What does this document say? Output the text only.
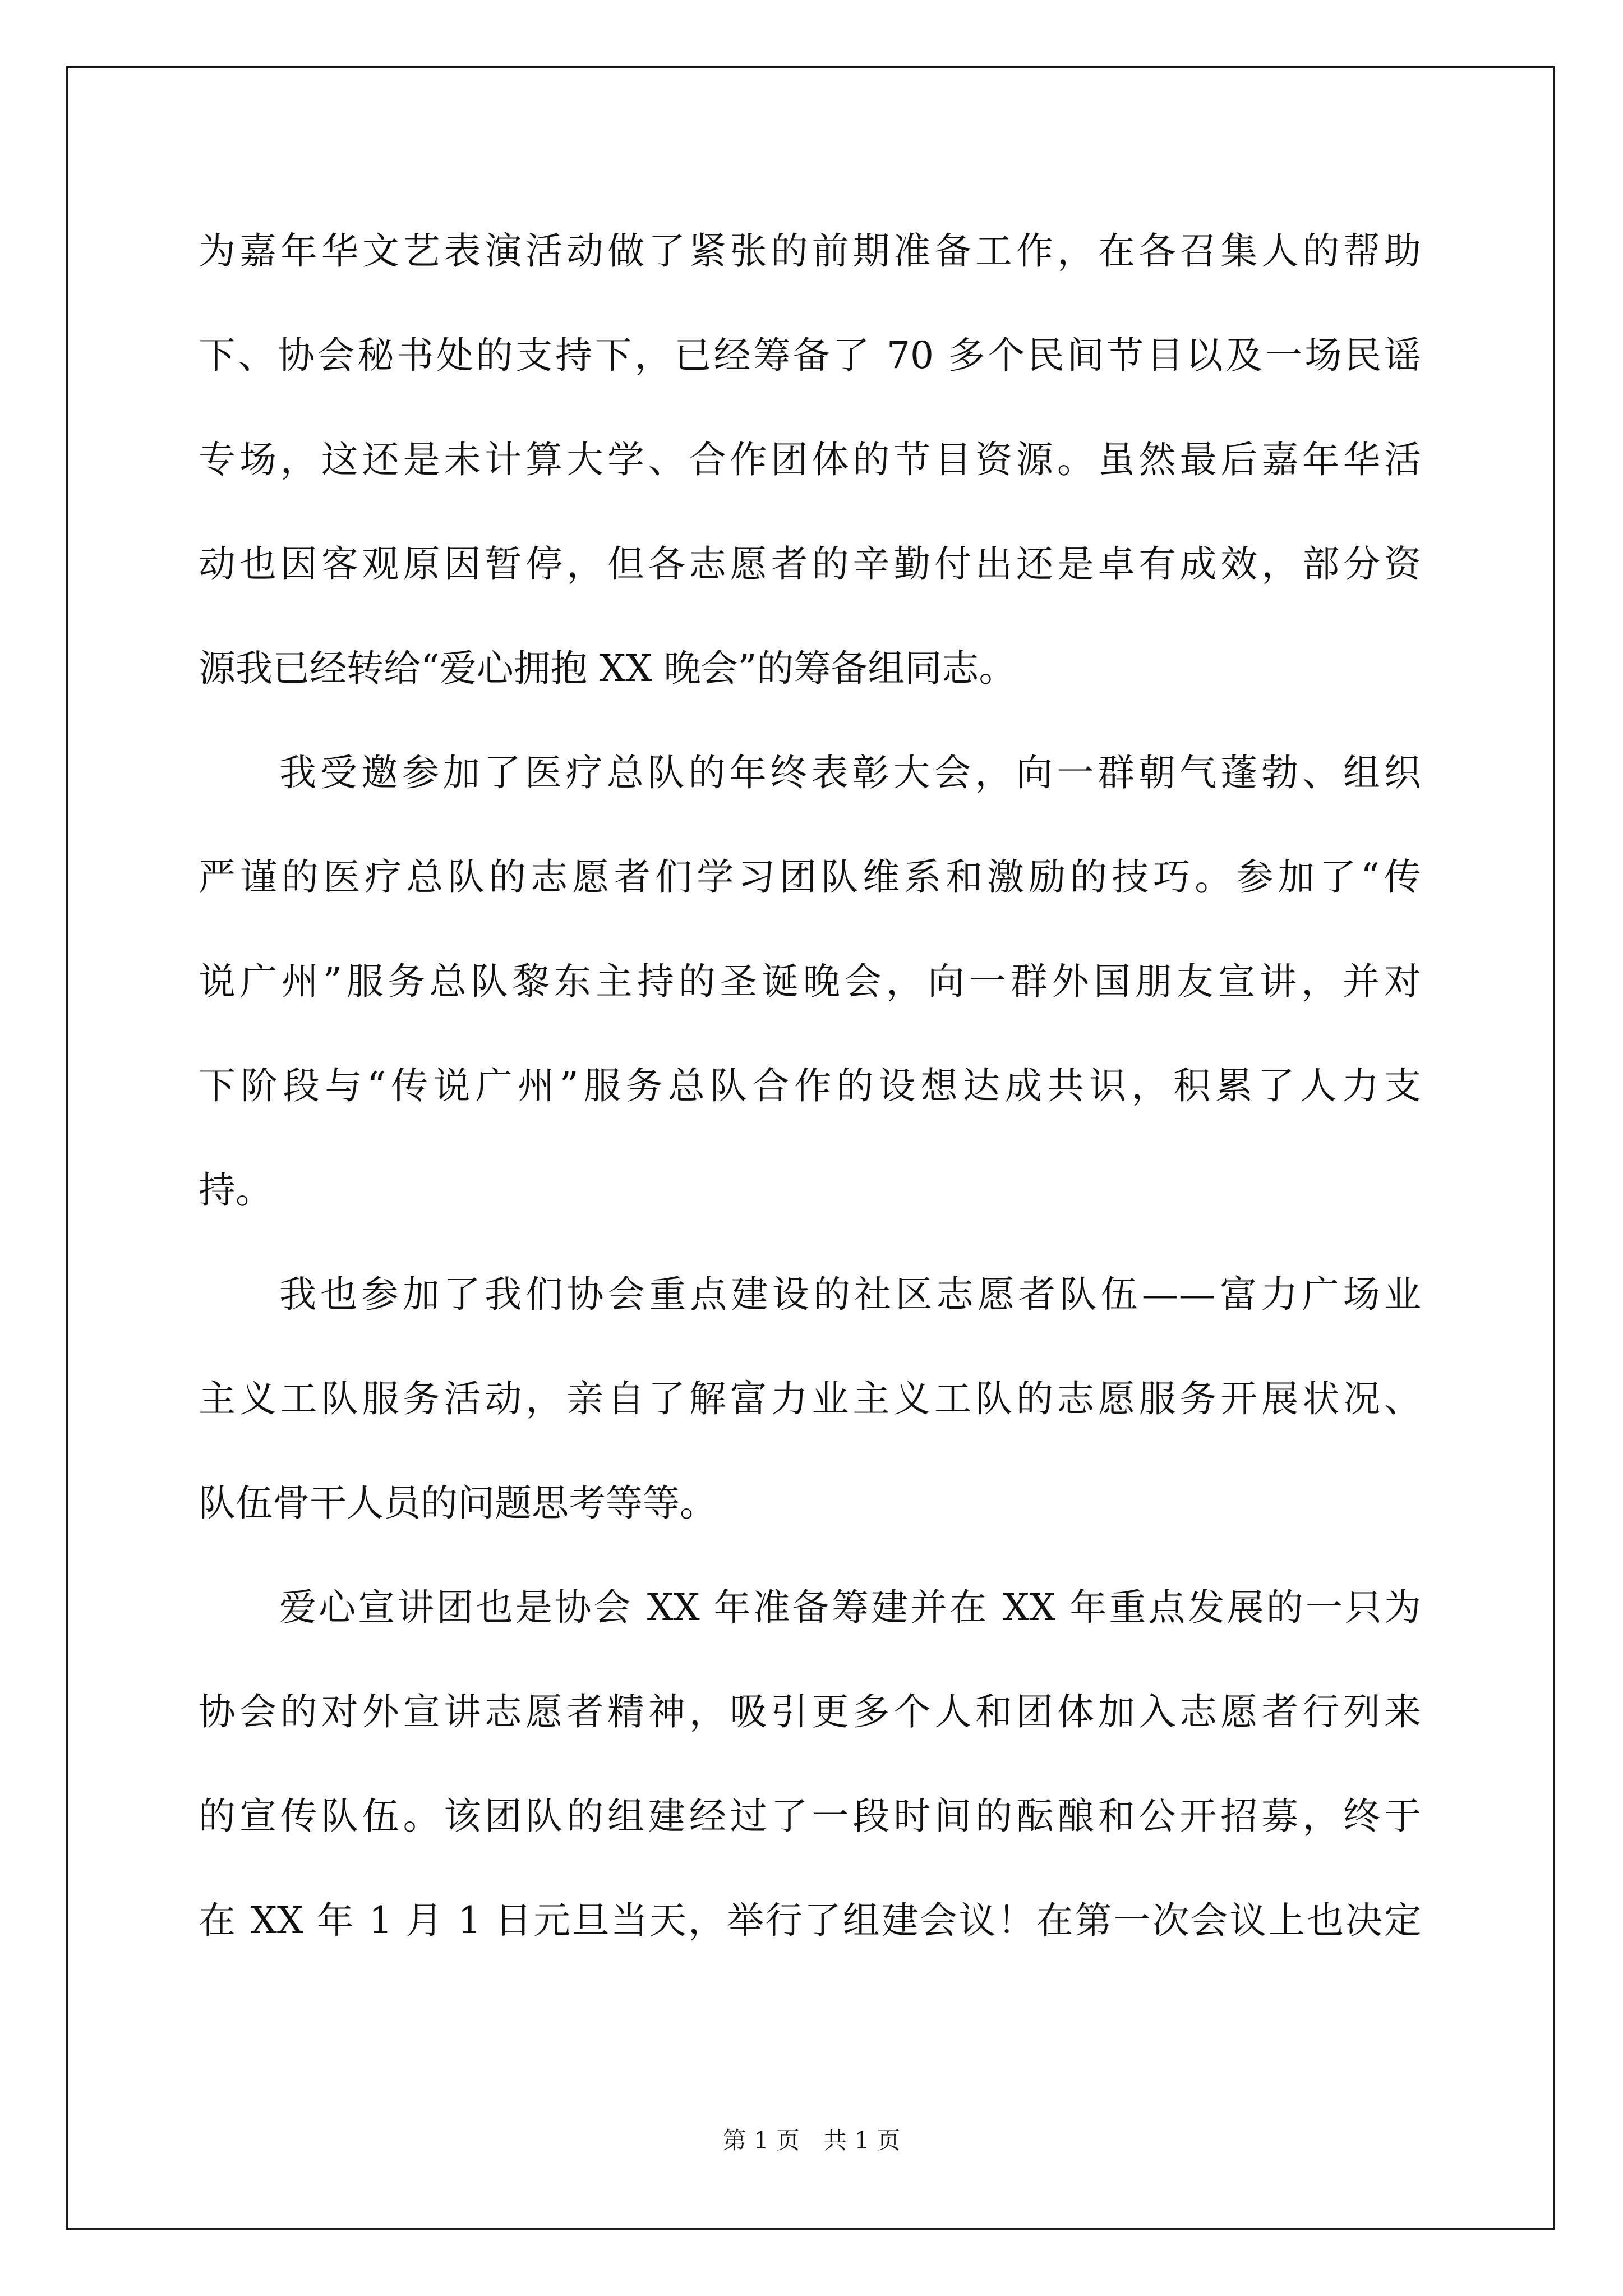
为嘉年华文艺表演活动做了紧张的前期准备工作，在各召集人的帮助
下、协会秘书处的支持下，已经筹备了 70 多个民间节目以及一场民谣
专场，这还是未计算大学、合作团体的节目资源。虽然最后嘉年华活
动也因客观原因暂停，但各志愿者的辛勤付出还是卓有成效，部分资
源我已经转给“爱心拥抱 XX 晚会”的筹备组同志。
我受邀参加了医疗总队的年终表彰大会，向一群朝气蓬勃、组织
严谨的医疗总队的志愿者们学习团队维系和激励的技巧。参加了“传
说广州”服务总队黎东主持的圣诞晚会，向一群外国朋友宣讲，并对
下阶段与“传说广州”服务总队合作的设想达成共识，积累了人力支
持。
我也参加了我们协会重点建设的社区志愿者队伍——富力广场业
主义工队服务活动，亲自了解富力业主义工队的志愿服务开展状况、
队伍骨干人员的问题思考等等。
爱心宣讲团也是协会 XX 年准备筹建并在 XX 年重点发展的一只为
协会的对外宣讲志愿者精神，吸引更多个人和团体加入志愿者行列来
的宣传队伍。该团队的组建经过了一段时间的酝酿和公开招募，终于
在 XX 年 1 月 1 日元旦当天，举行了组建会议！在第一次会议上也决定
第 1 页　共 1 页
